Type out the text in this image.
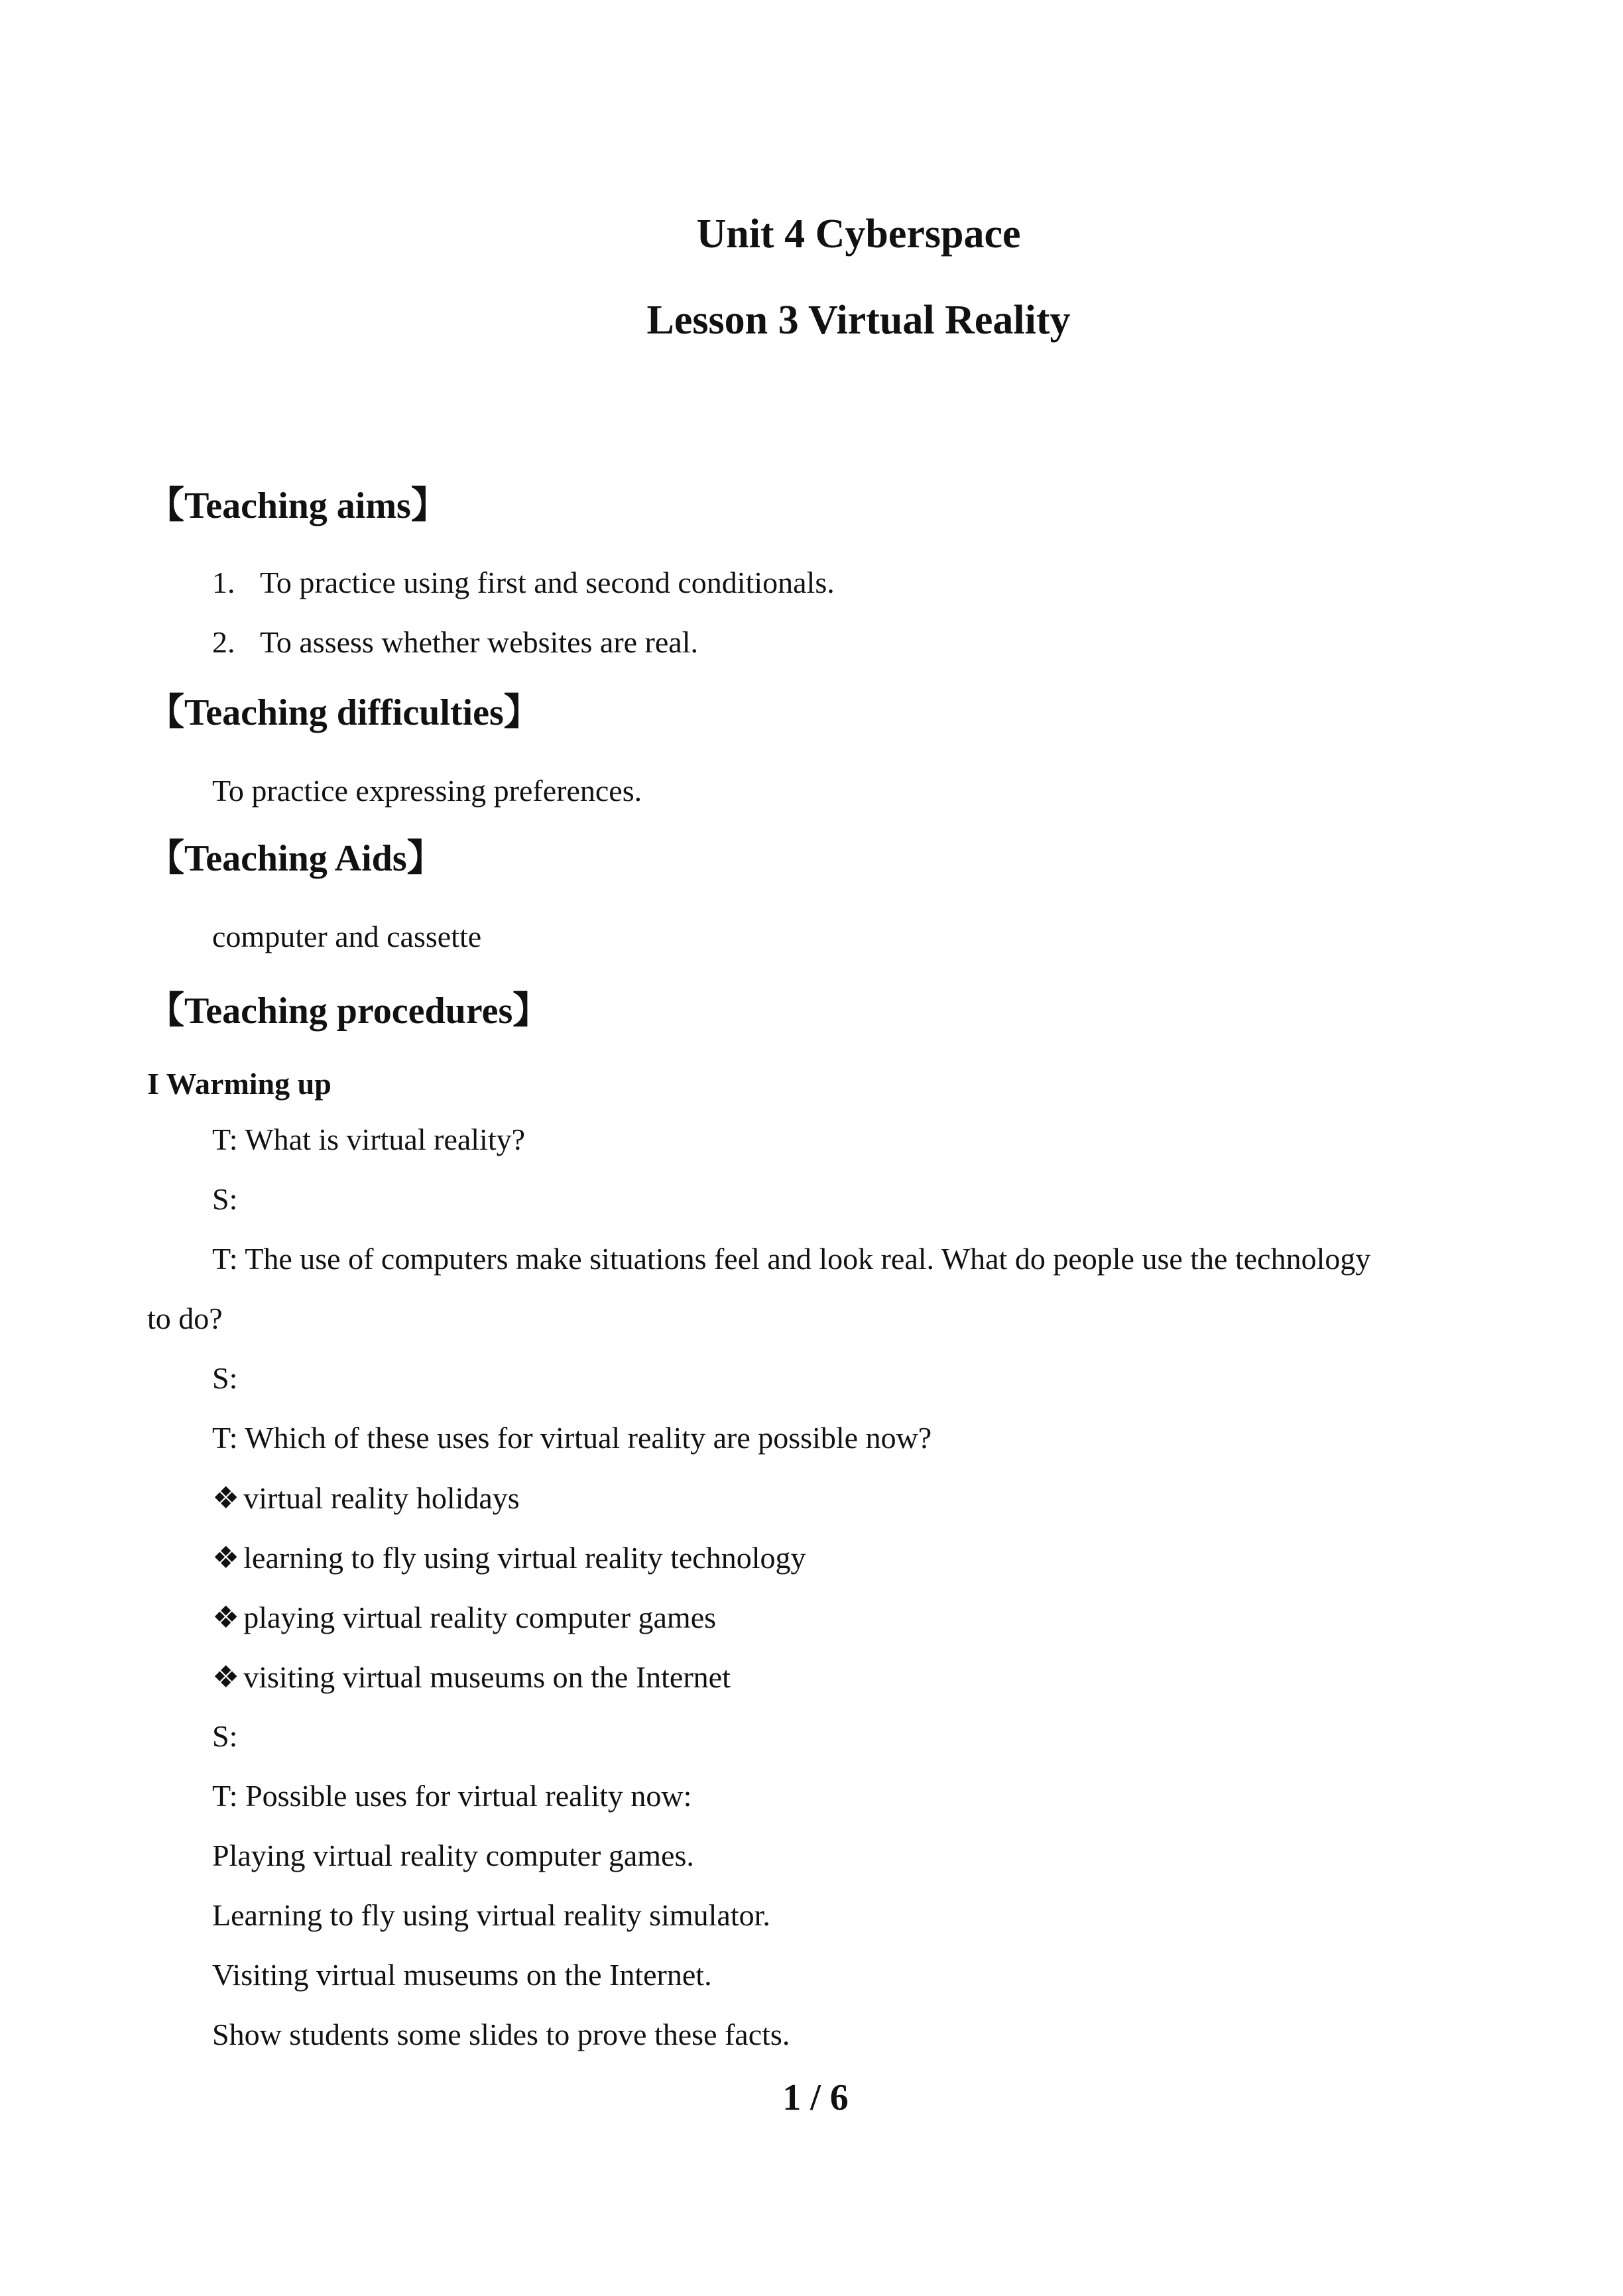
Unit 4 Cyberspace
Lesson 3 Virtual Reality
【Teaching aims】
1. To practice using first and second conditionals.
2. To assess whether websites are real.
【Teaching difficulties】
To practice expressing preferences.
【Teaching Aids】
computer and cassette
【Teaching procedures】
I Warming up
T: What is virtual reality?
S:
T: The use of computers make situations feel and look real. What do people use the technology
to do?
S:
T: Which of these uses for virtual reality are possible now?
❖ virtual reality holidays
❖ learning to fly using virtual reality technology
❖ playing virtual reality computer games
❖ visiting virtual museums on the Internet
S:
T: Possible uses for virtual reality now:
Playing virtual reality computer games.
Learning to fly using virtual reality simulator.
Visiting virtual museums on the Internet.
Show students some slides to prove these facts.
1 / 6
